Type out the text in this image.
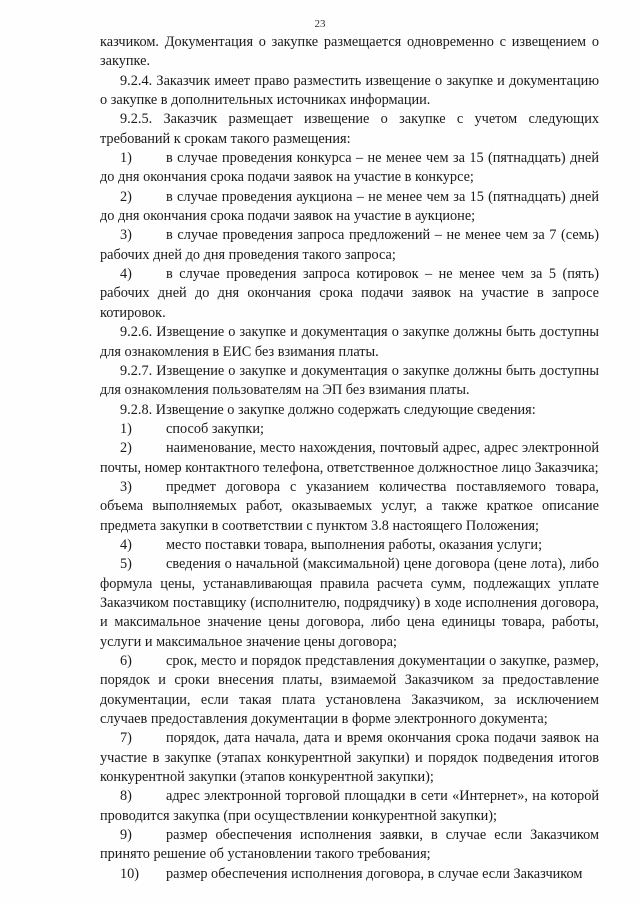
23

казчиком. Документация о закупке размещается одновременно с извещением о закупке.

9.2.4. Заказчик имеет право разместить извещение о закупке и документацию о закупке в дополнительных источниках информации.

9.2.5. Заказчик размещает извещение о закупке с учетом следующих требований к срокам такого размещения:

1) в случае проведения конкурса – не менее чем за 15 (пятнадцать) дней до дня окончания срока подачи заявок на участие в конкурсе;

2) в случае проведения аукциона – не менее чем за 15 (пятнадцать) дней до дня окончания срока подачи заявок на участие в аукционе;

3) в случае проведения запроса предложений – не менее чем за 7 (семь) рабочих дней до дня проведения такого запроса;

4) в случае проведения запроса котировок – не менее чем за 5 (пять) рабочих дней до дня окончания срока подачи заявок на участие в запросе котировок.

9.2.6. Извещение о закупке и документация о закупке должны быть доступны для ознакомления в ЕИС без взимания платы.

9.2.7. Извещение о закупке и документация о закупке должны быть доступны для ознакомления пользователям на ЭП без взимания платы.

9.2.8. Извещение о закупке должно содержать следующие сведения:

1) способ закупки;

2) наименование, место нахождения, почтовый адрес, адрес электронной почты, номер контактного телефона, ответственное должностное лицо Заказчика;

3) предмет договора с указанием количества поставляемого товара, объема выполняемых работ, оказываемых услуг, а также краткое описание предмета закупки в соответствии с пунктом 3.8 настоящего Положения;

4) место поставки товара, выполнения работы, оказания услуги;

5) сведения о начальной (максимальной) цене договора (цене лота), либо формула цены, устанавливающая правила расчета сумм, подлежащих уплате Заказчиком поставщику (исполнителю, подрядчику) в ходе исполнения договора, и максимальное значение цены договора, либо цена единицы товара, работы, услуги и максимальное значение цены договора;

6) срок, место и порядок представления документации о закупке, размер, порядок и сроки внесения платы, взимаемой Заказчиком за предоставление документации, если такая плата установлена Заказчиком, за исключением случаев предоставления документации в форме электронного документа;

7) порядок, дата начала, дата и время окончания срока подачи заявок на участие в закупке (этапах конкурентной закупки) и порядок подведения итогов конкурентной закупки (этапов конкурентной закупки);

8) адрес электронной торговой площадки в сети «Интернет», на которой проводится закупка (при осуществлении конкурентной закупки);

9) размер обеспечения исполнения заявки, в случае если Заказчиком принято решение об установлении такого требования;

10) размер обеспечения исполнения договора, в случае если Заказчиком
